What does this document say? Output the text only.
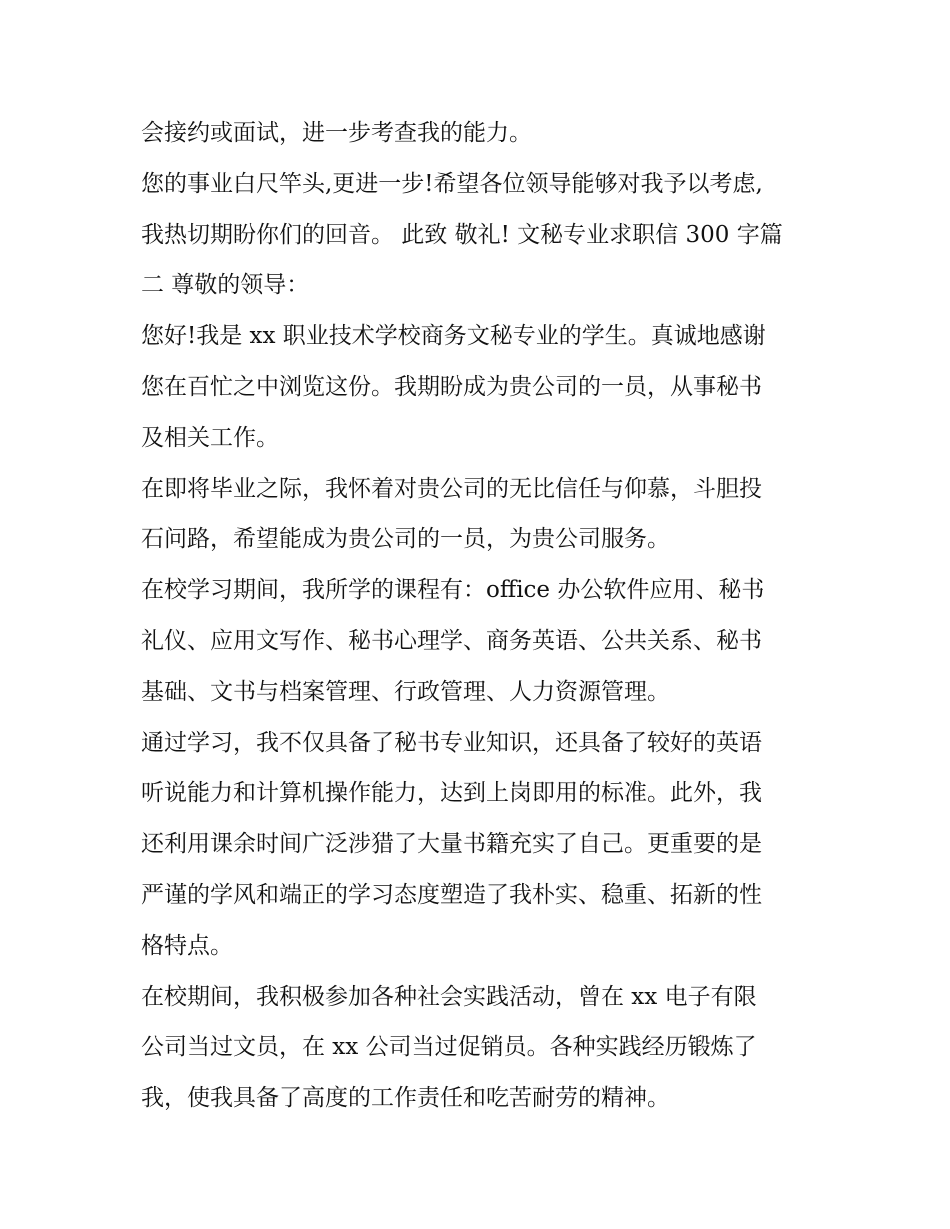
会接约或面试，进一步考查我的能力。
您的事业白尺竿头,更进一步!希望各位领导能够对我予以考虑,
我热切期盼你们的回音。 此致 敬礼! 文秘专业求职信 300 字篇
二 尊敬的领导：
您好!我是 xx 职业技术学校商务文秘专业的学生。真诚地感谢
您在百忙之中浏览这份。我期盼成为贵公司的一员，从事秘书
及相关工作。
在即将毕业之际，我怀着对贵公司的无比信任与仰慕，斗胆投
石问路，希望能成为贵公司的一员，为贵公司服务。
在校学习期间，我所学的课程有：office 办公软件应用、秘书
礼仪、应用文写作、秘书心理学、商务英语、公共关系、秘书
基础、文书与档案管理、行政管理、人力资源管理。
通过学习，我不仅具备了秘书专业知识，还具备了较好的英语
听说能力和计算机操作能力，达到上岗即用的标准。此外，我
还利用课余时间广泛涉猎了大量书籍充实了自己。更重要的是
严谨的学风和端正的学习态度塑造了我朴实、稳重、拓新的性
格特点。
在校期间，我积极参加各种社会实践活动，曾在 xx 电子有限
公司当过文员，在 xx 公司当过促销员。各种实践经历锻炼了
我，使我具备了高度的工作责任和吃苦耐劳的精神。
